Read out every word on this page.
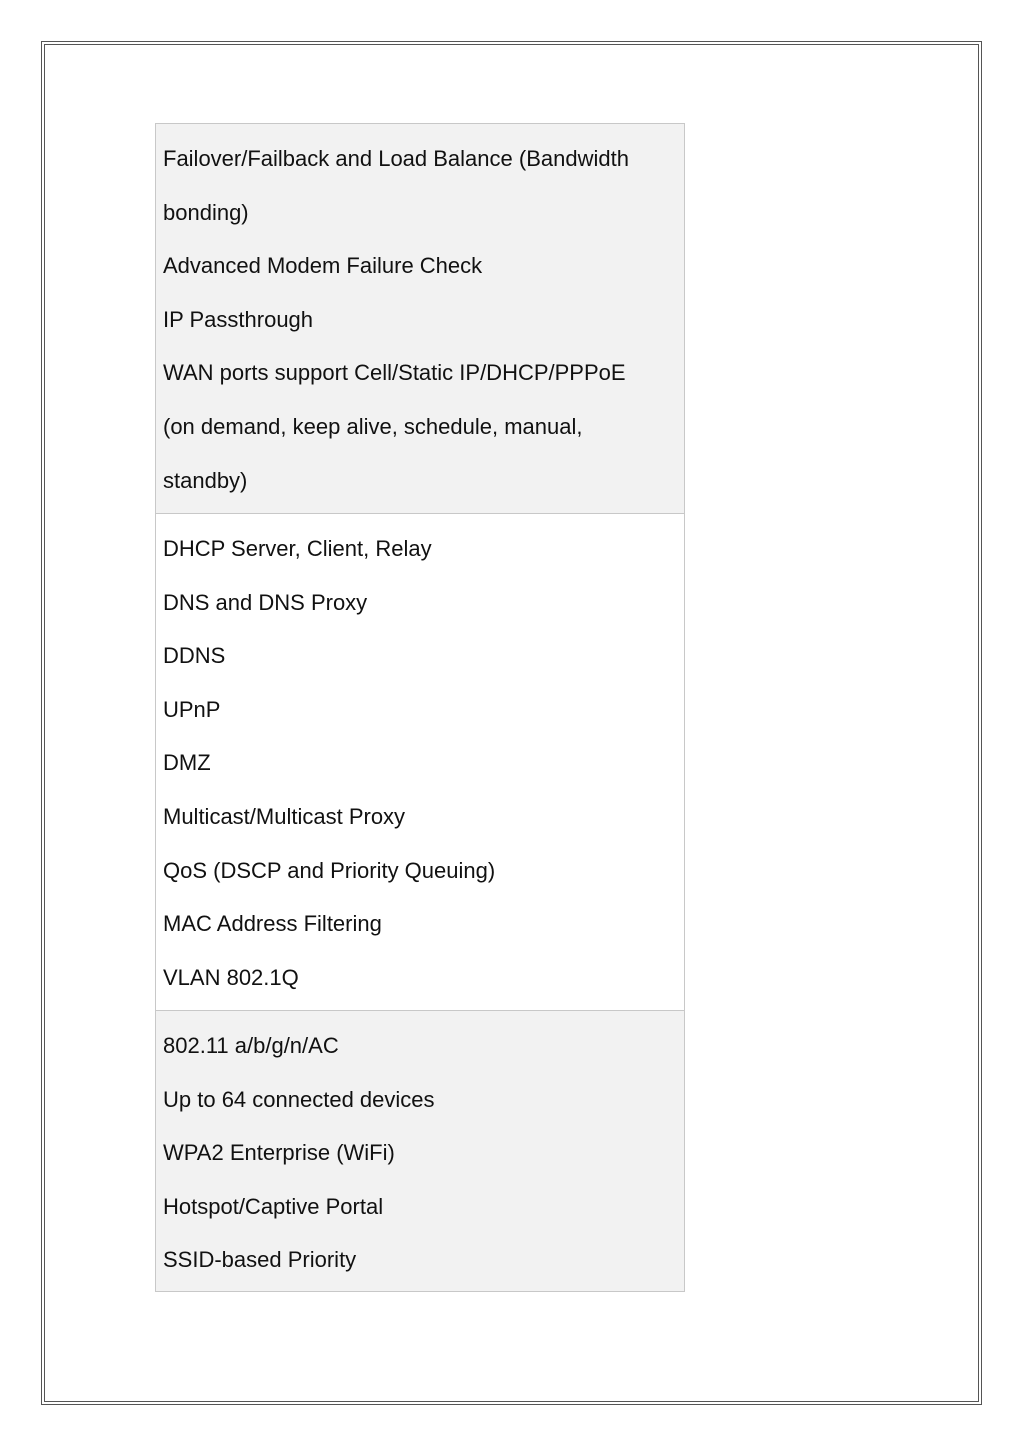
Failover/Failback and Load Balance (Bandwidth
bonding)
Advanced Modem Failure Check
IP Passthrough
WAN ports support Cell/Static IP/DHCP/PPPoE
(on demand, keep alive, schedule, manual,
standby)
DHCP Server, Client, Relay
DNS and DNS Proxy
DDNS
UPnP
DMZ
Multicast/Multicast Proxy
QoS (DSCP and Priority Queuing)
MAC Address Filtering
VLAN 802.1Q
802.11 a/b/g/n/AC
Up to 64 connected devices
WPA2 Enterprise (WiFi)
Hotspot/Captive Portal
SSID-based Priority
